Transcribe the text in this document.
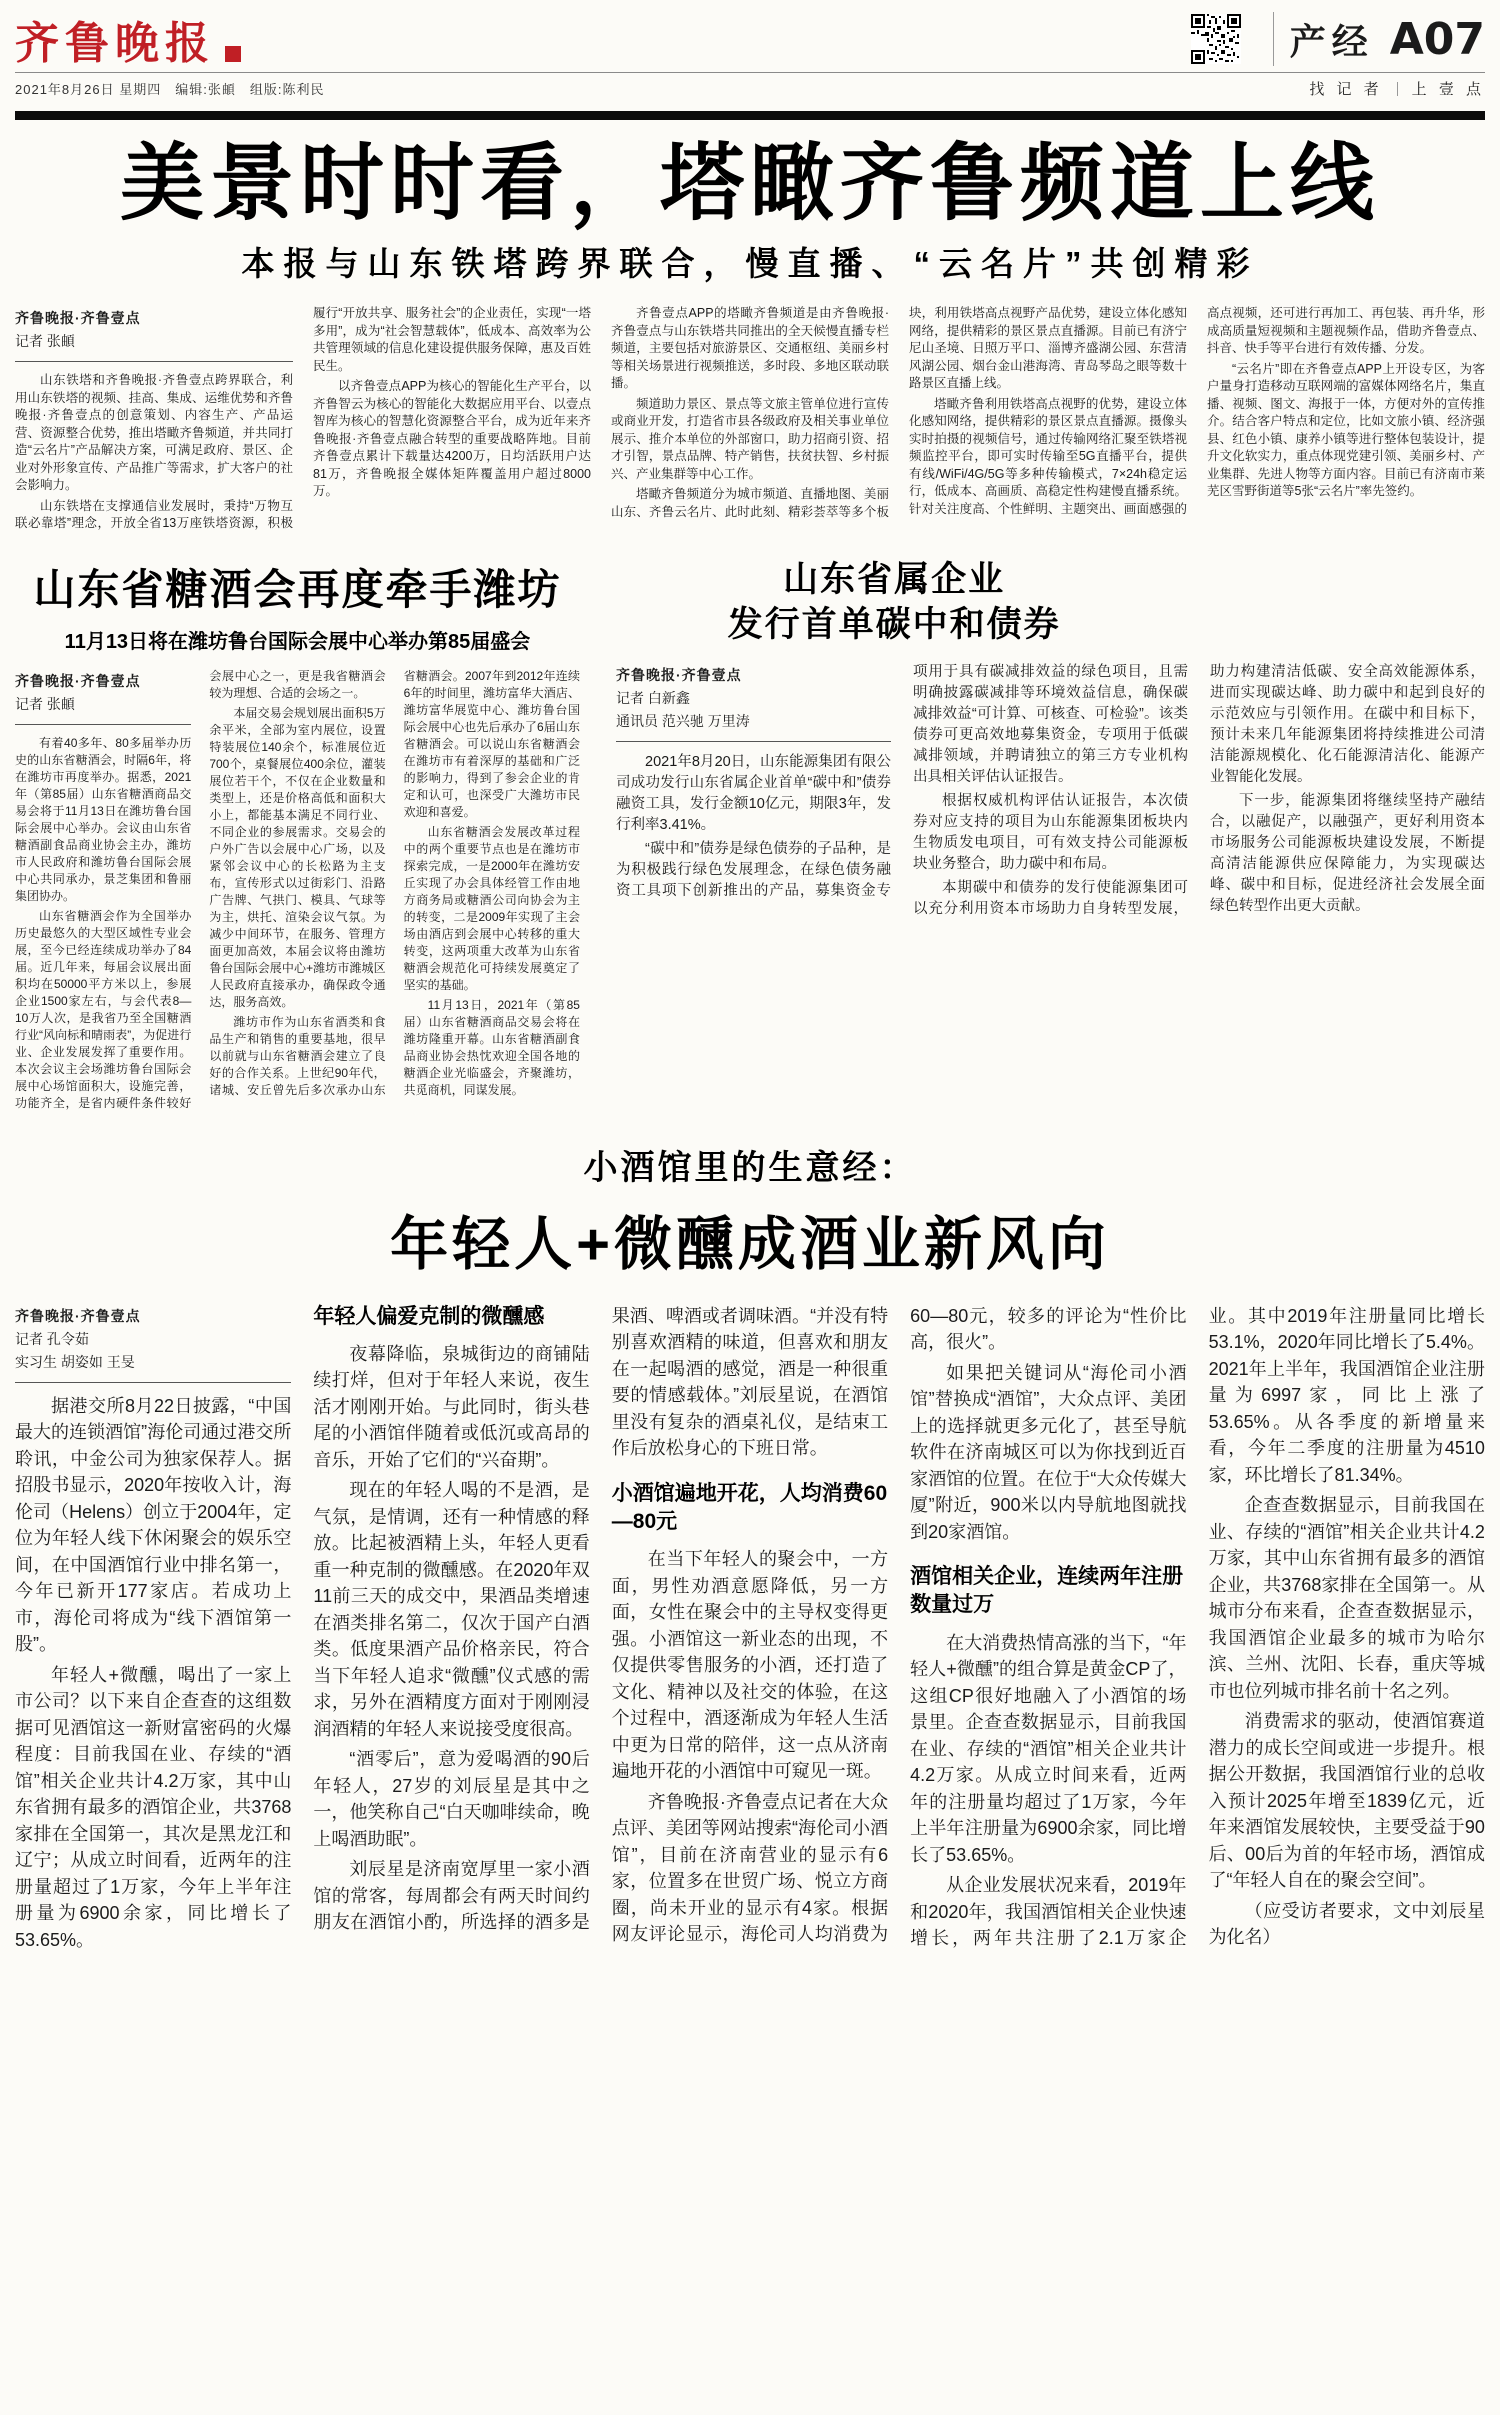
齐鲁晚报	产经 A07
2021年8月26日 星期四　编辑:张頔　组版:陈利民	找 记 者 上 壹 点
美景时时看，塔瞰齐鲁频道上线
本报与山东铁塔跨界联合，慢直播、“云名片”共创精彩

齐鲁晚报·齐鲁壹点

记者 张頔

山东铁塔和齐鲁晚报·齐鲁壹点跨界联合，利用山东铁塔的视频、挂高、集成、运维优势和齐鲁晚报·齐鲁壹点的创意策划、内容生产、产品运营、资源整合优势，推出塔瞰齐鲁频道，并共同打造“云名片”产品解决方案，可满足政府、景区、企业对外形象宣传、产品推广等需求，扩大客户的社会影响力。

山东铁塔在支撑通信业发展时，秉持“万物互联必靠塔”理念，开放全省13万座铁塔资源，积极履行“开放共享、服务社会”的企业责任，实现“一塔多用”，成为“社会智慧载体”，低成本、高效率为公共管理领域的信息化建设提供服务保障，惠及百姓民生。

以齐鲁壹点APP为核心的智能化生产平台，以齐鲁智云为核心的智能化大数据应用平台、以壹点智库为核心的智慧化资源整合平台，成为近年来齐鲁晚报·齐鲁壹点融合转型的重要战略阵地。目前齐鲁壹点累计下载量达4200万，日均活跃用户达81万，齐鲁晚报全媒体矩阵覆盖用户超过8000万。

齐鲁壹点APP的塔瞰齐鲁频道是由齐鲁晚报·齐鲁壹点与山东铁塔共同推出的全天候慢直播专栏频道，主要包括对旅游景区、交通枢纽、美丽乡村等相关场景进行视频推送，多时段、多地区联动联播。

频道助力景区、景点等文旅主管单位进行宣传或商业开发，打造省市县各级政府及相关事业单位展示、推介本单位的外部窗口，助力招商引资、招才引智，景点品牌、特产销售，扶贫扶智、乡村振兴、产业集群等中心工作。

塔瞰齐鲁频道分为城市频道、直播地图、美丽山东、齐鲁云名片、此时此刻、精彩荟萃等多个板块，利用铁塔高点视野产品优势，建设立体化感知网络，提供精彩的景区景点直播源。目前已有济宁尼山圣境、日照万平口、淄博齐盛湖公园、东营清风湖公园、烟台金山港海湾、青岛琴岛之眼等数十路景区直播上线。

塔瞰齐鲁利用铁塔高点视野的优势，建设立体化感知网络，提供精彩的景区景点直播源。摄像头实时拍摄的视频信号，通过传输网络汇聚至铁塔视频监控平台，即可实时传输至5G直播平台，提供有线/WiFi/4G/5G等多种传输模式，7×24h稳定运行，低成本、高画质、高稳定性构建慢直播系统。针对关注度高、个性鲜明、主题突出、画面感强的高点视频，还可进行再加工、再包装、再升华，形成高质量短视频和主题视频作品，借助齐鲁壹点、抖音、快手等平台进行有效传播、分发。

“云名片”即在齐鲁壹点APP上开设专区，为客户量身打造移动互联网端的富媒体网络名片，集直播、视频、图文、海报于一体，方便对外的宣传推介。结合客户特点和定位，比如文旅小镇、经济强县、红色小镇、康养小镇等进行整体包装设计，提升文化软实力，重点体现党建引领、美丽乡村、产业集群、先进人物等方面内容。目前已有济南市莱芜区雪野街道等5张“云名片”率先签约。

山东省糖酒会再度牵手潍坊
11月13日将在潍坊鲁台国际会展中心举办第85届盛会

齐鲁晚报·齐鲁壹点

记者 张頔

有着40多年、80多届举办历史的山东省糖酒会，时隔6年，将在潍坊市再度举办。据悉，2021年（第85届）山东省糖酒商品交易会将于11月13日在潍坊鲁台国际会展中心举办。会议由山东省糖酒副食品商业协会主办，潍坊市人民政府和潍坊鲁台国际会展中心共同承办，景芝集团和鲁丽集团协办。

山东省糖酒会作为全国举办历史最悠久的大型区域性专业会展，至今已经连续成功举办了84届。近几年来，每届会议展出面积均在50000平方米以上，参展企业1500家左右，与会代表8—10万人次，是我省乃至全国糖酒行业“风向标和晴雨表”，为促进行业、企业发展发挥了重要作用。本次会议主会场潍坊鲁台国际会展中心场馆面积大，设施完善，功能齐全，是省内硬件条件较好会展中心之一，更是我省糖酒会较为理想、合适的会场之一。

本届交易会规划展出面积5万余平米，全部为室内展位，设置特装展位140余个，标准展位近700个，桌餐展位400余位，灌装展位若干个，不仅在企业数量和类型上，还是价格高低和面积大小上，都能基本满足不同行业、不同企业的参展需求。交易会的户外广告以会展中心广场，以及紧邻会议中心的长松路为主支布，宣传形式以过街彩门、沿路广告牌、气拱门、模具、气球等为主，烘托、渲染会议气氛。为减少中间环节，在服务、管理方面更加高效，本届会议将由潍坊鲁台国际会展中心+潍坊市潍城区人民政府直接承办，确保政令通达，服务高效。

潍坊市作为山东省酒类和食品生产和销售的重要基地，很早以前就与山东省糖酒会建立了良好的合作关系。上世纪90年代，诸城、安丘曾先后多次承办山东省糖酒会。2007年到2012年连续6年的时间里，潍坊富华大酒店、潍坊富华展览中心、潍坊鲁台国际会展中心也先后承办了6届山东省糖酒会。可以说山东省糖酒会在潍坊市有着深厚的基础和广泛的影响力，得到了参会企业的肯定和认可，也深受广大潍坊市民欢迎和喜爱。

山东省糖酒会发展改革过程中的两个重要节点也是在潍坊市探索完成，一是2000年在潍坊安丘实现了办会具体经管工作由地方商务局或糖酒公司向协会为主的转变，二是2009年实现了主会场由酒店到会展中心转移的重大转变，这两项重大改革为山东省糖酒会规范化可持续发展奠定了坚实的基础。

11月13日，2021年（第85届）山东省糖酒商品交易会将在潍坊隆重开幕。山东省糖酒副食品商业协会热忱欢迎全国各地的糖酒企业光临盛会，齐聚潍坊，共觅商机，同谋发展。

山东省属企业
发行首单碳中和债券

齐鲁晚报·齐鲁壹点

记者 白新鑫

通讯员 范兴驰 万里涛

2021年8月20日，山东能源集团有限公司成功发行山东省属企业首单“碳中和”债券融资工具，发行金额10亿元，期限3年，发行利率3.41%。

“碳中和”债券是绿色债券的子品种，是为积极践行绿色发展理念，在绿色债务融资工具项下创新推出的产品，募集资金专项用于具有碳减排效益的绿色项目，且需明确披露碳减排等环境效益信息，确保碳减排效益“可计算、可核查、可检验”。该类债券可更高效地募集资金，专项用于低碳减排领域，并聘请独立的第三方专业机构出具相关评估认证报告。

根据权威机构评估认证报告，本次债券对应支持的项目为山东能源集团板块内生物质发电项目，可有效支持公司能源板块业务整合，助力碳中和布局。

本期碳中和债券的发行使能源集团可以充分利用资本市场助力自身转型发展，助力构建清洁低碳、安全高效能源体系，进而实现碳达峰、助力碳中和起到良好的示范效应与引领作用。在碳中和目标下，预计未来几年能源集团将持续推进公司清洁能源规模化、化石能源清洁化、能源产业智能化发展。

下一步，能源集团将继续坚持产融结合，以融促产，以融强产，更好利用资本市场服务公司能源板块建设发展，不断提高清洁能源供应保障能力，为实现碳达峰、碳中和目标，促进经济社会发展全面绿色转型作出更大贡献。

小酒馆里的生意经：
年轻人+微醺成酒业新风向

齐鲁晚报·齐鲁壹点

记者 孔令茹

实习生 胡姿如 王旻

据港交所8月22日披露，“中国最大的连锁酒馆”海伦司通过港交所聆讯，中金公司为独家保荐人。据招股书显示，2020年按收入计，海伦司（Helens）创立于2004年，定位为年轻人线下休闲聚会的娱乐空间，在中国酒馆行业中排名第一，今年已新开177家店。若成功上市，海伦司将成为“线下酒馆第一股”。

年轻人+微醺，喝出了一家上市公司？以下来自企查查的这组数据可见酒馆这一新财富密码的火爆程度：目前我国在业、存续的“酒馆”相关企业共计4.2万家，其中山东省拥有最多的酒馆企业，共3768家排在全国第一，其次是黑龙江和辽宁；从成立时间看，近两年的注册量超过了1万家，今年上半年注册量为6900余家，同比增长了53.65%。

年轻人偏爱克制的微醺感

夜幕降临，泉城街边的商铺陆续打烊，但对于年轻人来说，夜生活才刚刚开始。与此同时，街头巷尾的小酒馆伴随着或低沉或高昂的音乐，开始了它们的“兴奋期”。

现在的年轻人喝的不是酒，是气氛，是情调，还有一种情感的释放。比起被酒精上头，年轻人更看重一种克制的微醺感。在2020年双11前三天的成交中，果酒品类增速在酒类排名第二，仅次于国产白酒类。低度果酒产品价格亲民，符合当下年轻人追求“微醺”仪式感的需求，另外在酒精度方面对于刚刚浸润酒精的年轻人来说接受度很高。

“酒零后”，意为爱喝酒的90后年轻人，27岁的刘辰星是其中之一，他笑称自己“白天咖啡续命，晚上喝酒助眠”。

刘辰星是济南宽厚里一家小酒馆的常客，每周都会有两天时间约朋友在酒馆小酌，所选择的酒多是果酒、啤酒或者调味酒。“并没有特别喜欢酒精的味道，但喜欢和朋友在一起喝酒的感觉，酒是一种很重要的情感载体。”刘辰星说，在酒馆里没有复杂的酒桌礼仪，是结束工作后放松身心的下班日常。

小酒馆遍地开花，人均消费60—80元

在当下年轻人的聚会中，一方面，男性劝酒意愿降低，另一方面，女性在聚会中的主导权变得更强。小酒馆这一新业态的出现，不仅提供零售服务的小酒，还打造了文化、精神以及社交的体验，在这个过程中，酒逐渐成为年轻人生活中更为日常的陪伴，这一点从济南遍地开花的小酒馆中可窥见一斑。

齐鲁晚报·齐鲁壹点记者在大众点评、美团等网站搜索“海伦司小酒馆”，目前在济南营业的显示有6家，位置多在世贸广场、悦立方商圈，尚未开业的显示有4家。根据网友评论显示，海伦司人均消费为60—80元，较多的评论为“性价比高，很火”。

如果把关键词从“海伦司小酒馆”替换成“酒馆”，大众点评、美团上的选择就更多元化了，甚至导航软件在济南城区可以为你找到近百家酒馆的位置。在位于“大众传媒大厦”附近，900米以内导航地图就找到20家酒馆。

酒馆相关企业，连续两年注册数量过万

在大消费热情高涨的当下，“年轻人+微醺”的组合算是黄金CP了，这组CP很好地融入了小酒馆的场景里。企查查数据显示，目前我国在业、存续的“酒馆”相关企业共计4.2万家。从成立时间来看，近两年的注册量均超过了1万家，今年上半年注册量为6900余家，同比增长了53.65%。

从企业发展状况来看，2019年和2020年，我国酒馆相关企业快速增长，两年共注册了2.1万家企业。其中2019年注册量同比增长53.1%，2020年同比增长了5.4%。2021年上半年，我国酒馆企业注册量为6997家，同比上涨了53.65%。从各季度的新增量来看，今年二季度的注册量为4510家，环比增长了81.34%。

企查查数据显示，目前我国在业、存续的“酒馆”相关企业共计4.2万家，其中山东省拥有最多的酒馆企业，共3768家排在全国第一。从城市分布来看，企查查数据显示，我国酒馆企业最多的城市为哈尔滨、兰州、沈阳、长春，重庆等城市也位列城市排名前十名之列。

消费需求的驱动，使酒馆赛道潜力的成长空间或进一步提升。根据公开数据，我国酒馆行业的总收入预计2025年增至1839亿元，近年来酒馆发展较快，主要受益于90后、00后为首的年轻市场，酒馆成了“年轻人自在的聚会空间”。

（应受访者要求，文中刘辰星为化名）
